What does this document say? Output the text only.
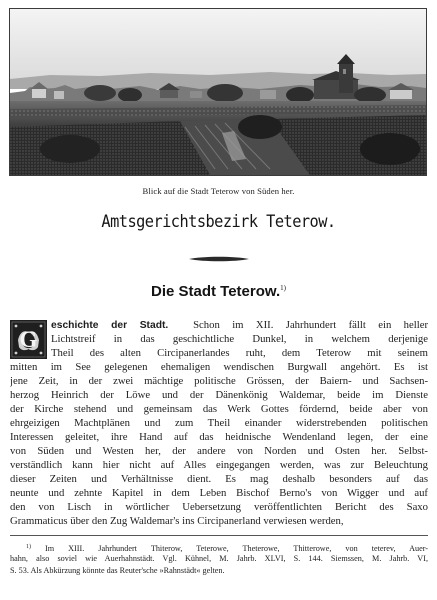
Blick auf die Stadt Teterow von Süden her.
Amtsgerichtsbezirk Teterow.
Die Stadt Teterow.$^{1)}$
G
eschichte der Stadt. Schon im XII. Jahrhundert fällt ein heller
Lichtstreif in das geschichtliche Dunkel, in welchem derjenige
Theil des alten Circipanerlandes ruht, dem Teterow mit seinem
mitten im See gelegenen ehemaligen wendischen Burgwall angehört. Es ist
jene Zeit, in der zwei mächtige politische Grössen, der Baiern- und Sachsen-
herzog Heinrich der Löwe und der Dänenkönig Waldemar, beide im Dienste
der Kirche stehend und gemeinsam das Werk Gottes fördernd, beide aber von
ehrgeizigen Machtplänen und zum Theil einander widerstrebenden politischen
Interessen geleitet, ihre Hand auf das heidnische Wendenland legen, der eine
von Süden und Westen her, der andere von Norden und Osten her. Selbst-
verständlich kann hier nicht auf Alles eingegangen werden, was zur Beleuchtung
dieser Zeiten und Verhältnisse dient. Es mag deshalb besonders auf das
neunte und zehnte Kapitel in dem Leben Bischof Berno's von Wigger und auf
den von Lisch in wörtlicher Uebersetzung veröffentlichten Bericht des Saxo
Grammaticus über den Zug Waldemar's ins Circipanerland verwiesen werden,
$^{1)}$ Im XIII. Jahrhundert Thiterow, Teterowe, Theterowe, Thitterowe, von teterev, Auer-
hahn, also soviel wie Auerhahnstädt. Vgl. Kühnel, M. Jahrb. XLVI, S. 144. Siemssen, M. Jahrb. VI,
S. 53. Als Abkürzung könnte das Reuter'sche »Rahnstädt« gelten.
